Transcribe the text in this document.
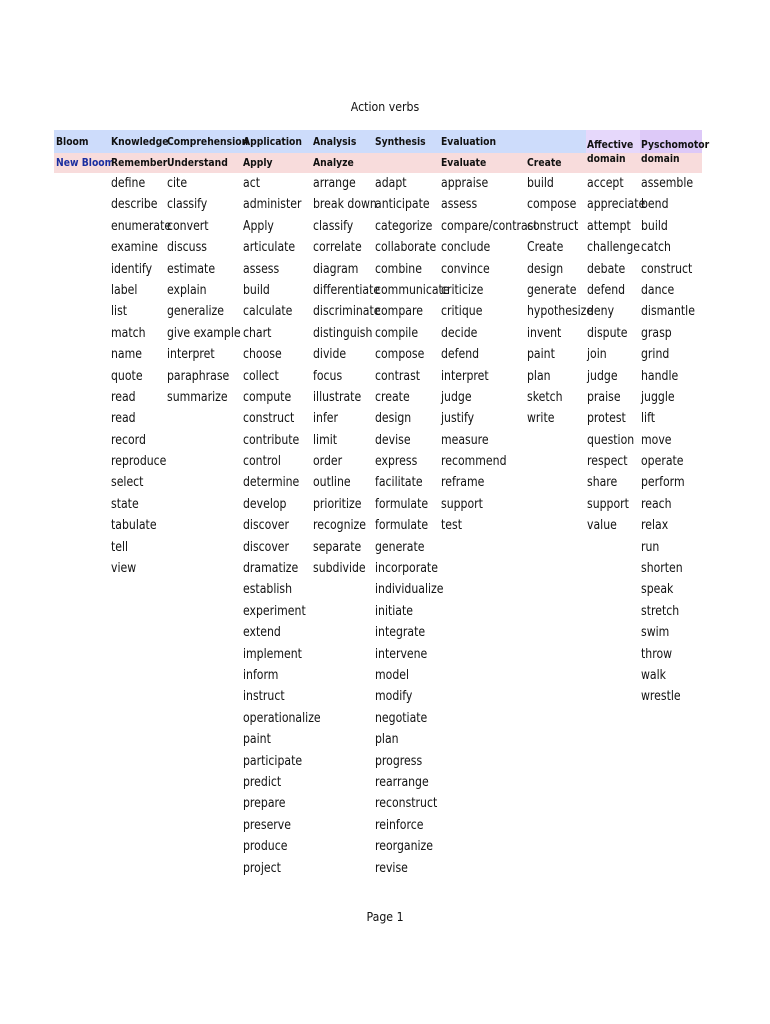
Action verbs
Bloom
New Bloom
Knowledge
Remember
define
describe
enumerate
examine
identify
label
list
match
name
quote
read
read
record
reproduce
select
state
tabulate
tell
view
Comprehension
Understand
cite
classify
convert
discuss
estimate
explain
generalize
give example
interpret
paraphrase
summarize
Application
Apply
act
administer
Apply
articulate
assess
build
calculate
chart
choose
collect
compute
construct
contribute
control
determine
develop
discover
discover
dramatize
establish
experiment
extend
implement
inform
instruct
operationalize
paint
participate
predict
prepare
preserve
produce
project
Analysis
Analyze
arrange
break down
classify
correlate
diagram
differentiate
discriminate
distinguish
divide
focus
illustrate
infer
limit
order
outline
prioritize
recognize
separate
subdivide
Synthesis
adapt
anticipate
categorize
collaborate
combine
communicate
compare
compile
compose
contrast
create
design
devise
express
facilitate
formulate
formulate
generate
incorporate
individualize
initiate
integrate
intervene
model
modify
negotiate
plan
progress
rearrange
reconstruct
reinforce
reorganize
revise
Evaluation
Evaluate
appraise
assess
compare/contrast
conclude
convince
criticize
critique
decide
defend
interpret
judge
justify
measure
recommend
reframe
support
test
Create
build
compose
construct
Create
design
generate
hypothesize
invent
paint
plan
sketch
write
Affective domain
accept
appreciate
attempt
challenge
debate
defend
deny
dispute
join
judge
praise
protest
question
respect
share
support
value
Pyschomotor domain
assemble
bend
build
catch
construct
dance
dismantle
grasp
grind
handle
juggle
lift
move
operate
perform
reach
relax
run
shorten
speak
stretch
swim
throw
walk
wrestle
Page 1
